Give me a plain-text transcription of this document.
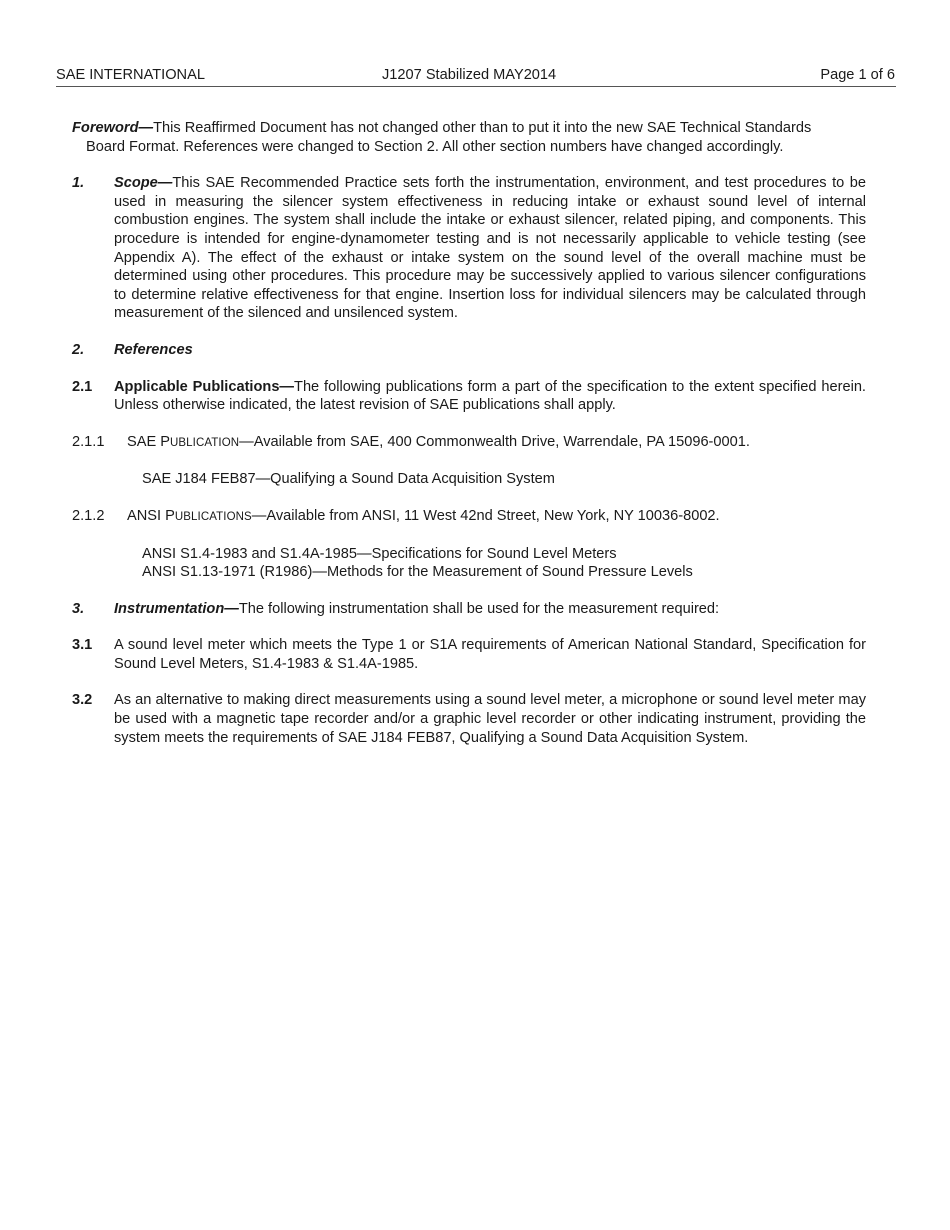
SAE INTERNATIONAL	J1207 Stabilized MAY2014	Page 1 of 6

Foreword—This Reaffirmed Document has not changed other than to put it into the new SAE Technical Standards
Board Format. References were changed to Section 2. All other section numbers have changed accordingly.

1. Scope—This SAE Recommended Practice sets forth the instrumentation, environment, and test procedures to be used in measuring the silencer system effectiveness in reducing intake or exhaust sound level of internal combustion engines. The system shall include the intake or exhaust silencer, related piping, and components. This procedure is intended for engine-dynamometer testing and is not necessarily applicable to vehicle testing (see Appendix A). The effect of the exhaust or intake system on the sound level of the overall machine must be determined using other procedures. This procedure may be successively applied to various silencer configurations to determine relative effectiveness for that engine. Insertion loss for individual silencers may be calculated through measurement of the silenced and unsilenced system.

2. References

2.1 Applicable Publications—The following publications form a part of the specification to the extent specified herein. Unless otherwise indicated, the latest revision of SAE publications shall apply.

2.1.1 SAE PUBLICATION—Available from SAE, 400 Commonwealth Drive, Warrendale, PA 15096-0001.

SAE J184 FEB87—Qualifying a Sound Data Acquisition System

2.1.2 ANSI PUBLICATIONS—Available from ANSI, 11 West 42nd Street, New York, NY 10036-8002.

ANSI S1.4-1983 and S1.4A-1985—Specifications for Sound Level Meters
ANSI S1.13-1971 (R1986)—Methods for the Measurement of Sound Pressure Levels

3. Instrumentation—The following instrumentation shall be used for the measurement required:

3.1 A sound level meter which meets the Type 1 or S1A requirements of American National Standard, Specification for Sound Level Meters, S1.4-1983 & S1.4A-1985.

3.2 As an alternative to making direct measurements using a sound level meter, a microphone or sound level meter may be used with a magnetic tape recorder and/or a graphic level recorder or other indicating instrument, providing the system meets the requirements of SAE J184 FEB87, Qualifying a Sound Data Acquisition System.
